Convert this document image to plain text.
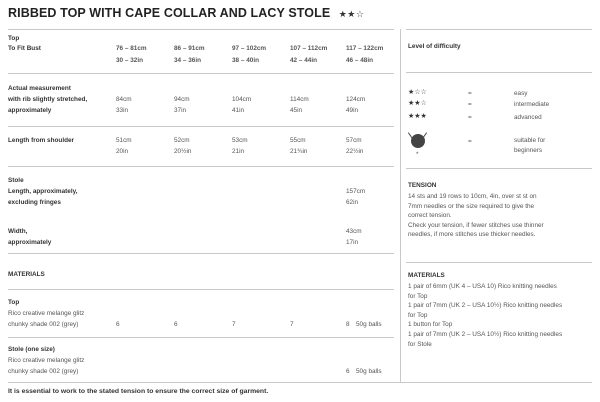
RIBBED TOP WITH CAPE COLLAR AND LACY STOLE ★★☆
Top
To Fit Bust	76 – 81cm	86 – 91cm	97 – 102cm	107 – 112cm	117 – 122cm
30 – 32in	34 – 36in	38 – 40in	42 – 44in	46 – 48in
Actual measurement
with rib slightly stretched,
approximately
84cm	94cm	104cm	114cm	124cm
33in	37in	41in	45in	49in
Length from shoulder	51cm	52cm	53cm	55cm	57cm
20in	20½in	21in	21¾in	22½in
Stole
Length, approximately,
excluding fringes
157cm
62in
Width,
approximately
43cm
17in
MATERIALS
Top
Rico creative melange glitz
chunky shade 002 (grey)	6	6	7	7	8 50g balls
Stole (one size)
Rico creative melange glitz
chunky shade 002 (grey)	6 50g balls
Level of difficulty
★☆☆	=	easy
★★☆	=	intermediate
★★★	=	advanced
*
=	suitable for
beginners
TENSION
14 sts and 19 rows to 10cm, 4in, over st st on
7mm needles or the size required to give the
correct tension.
Check your tension, if fewer stitches use thinner
needles, if more stitches use thicker needles.
MATERIALS
1 pair of 6mm (UK 4 – USA 10) Rico knitting needles
for Top
1 pair of 7mm (UK 2 – USA 10½) Rico knitting needles
for Top
1 button for Top
1 pair of 7mm (UK 2 – USA 10½) Rico knitting needles
for Stole
It is essential to work to the stated tension to ensure the correct size of garment.
